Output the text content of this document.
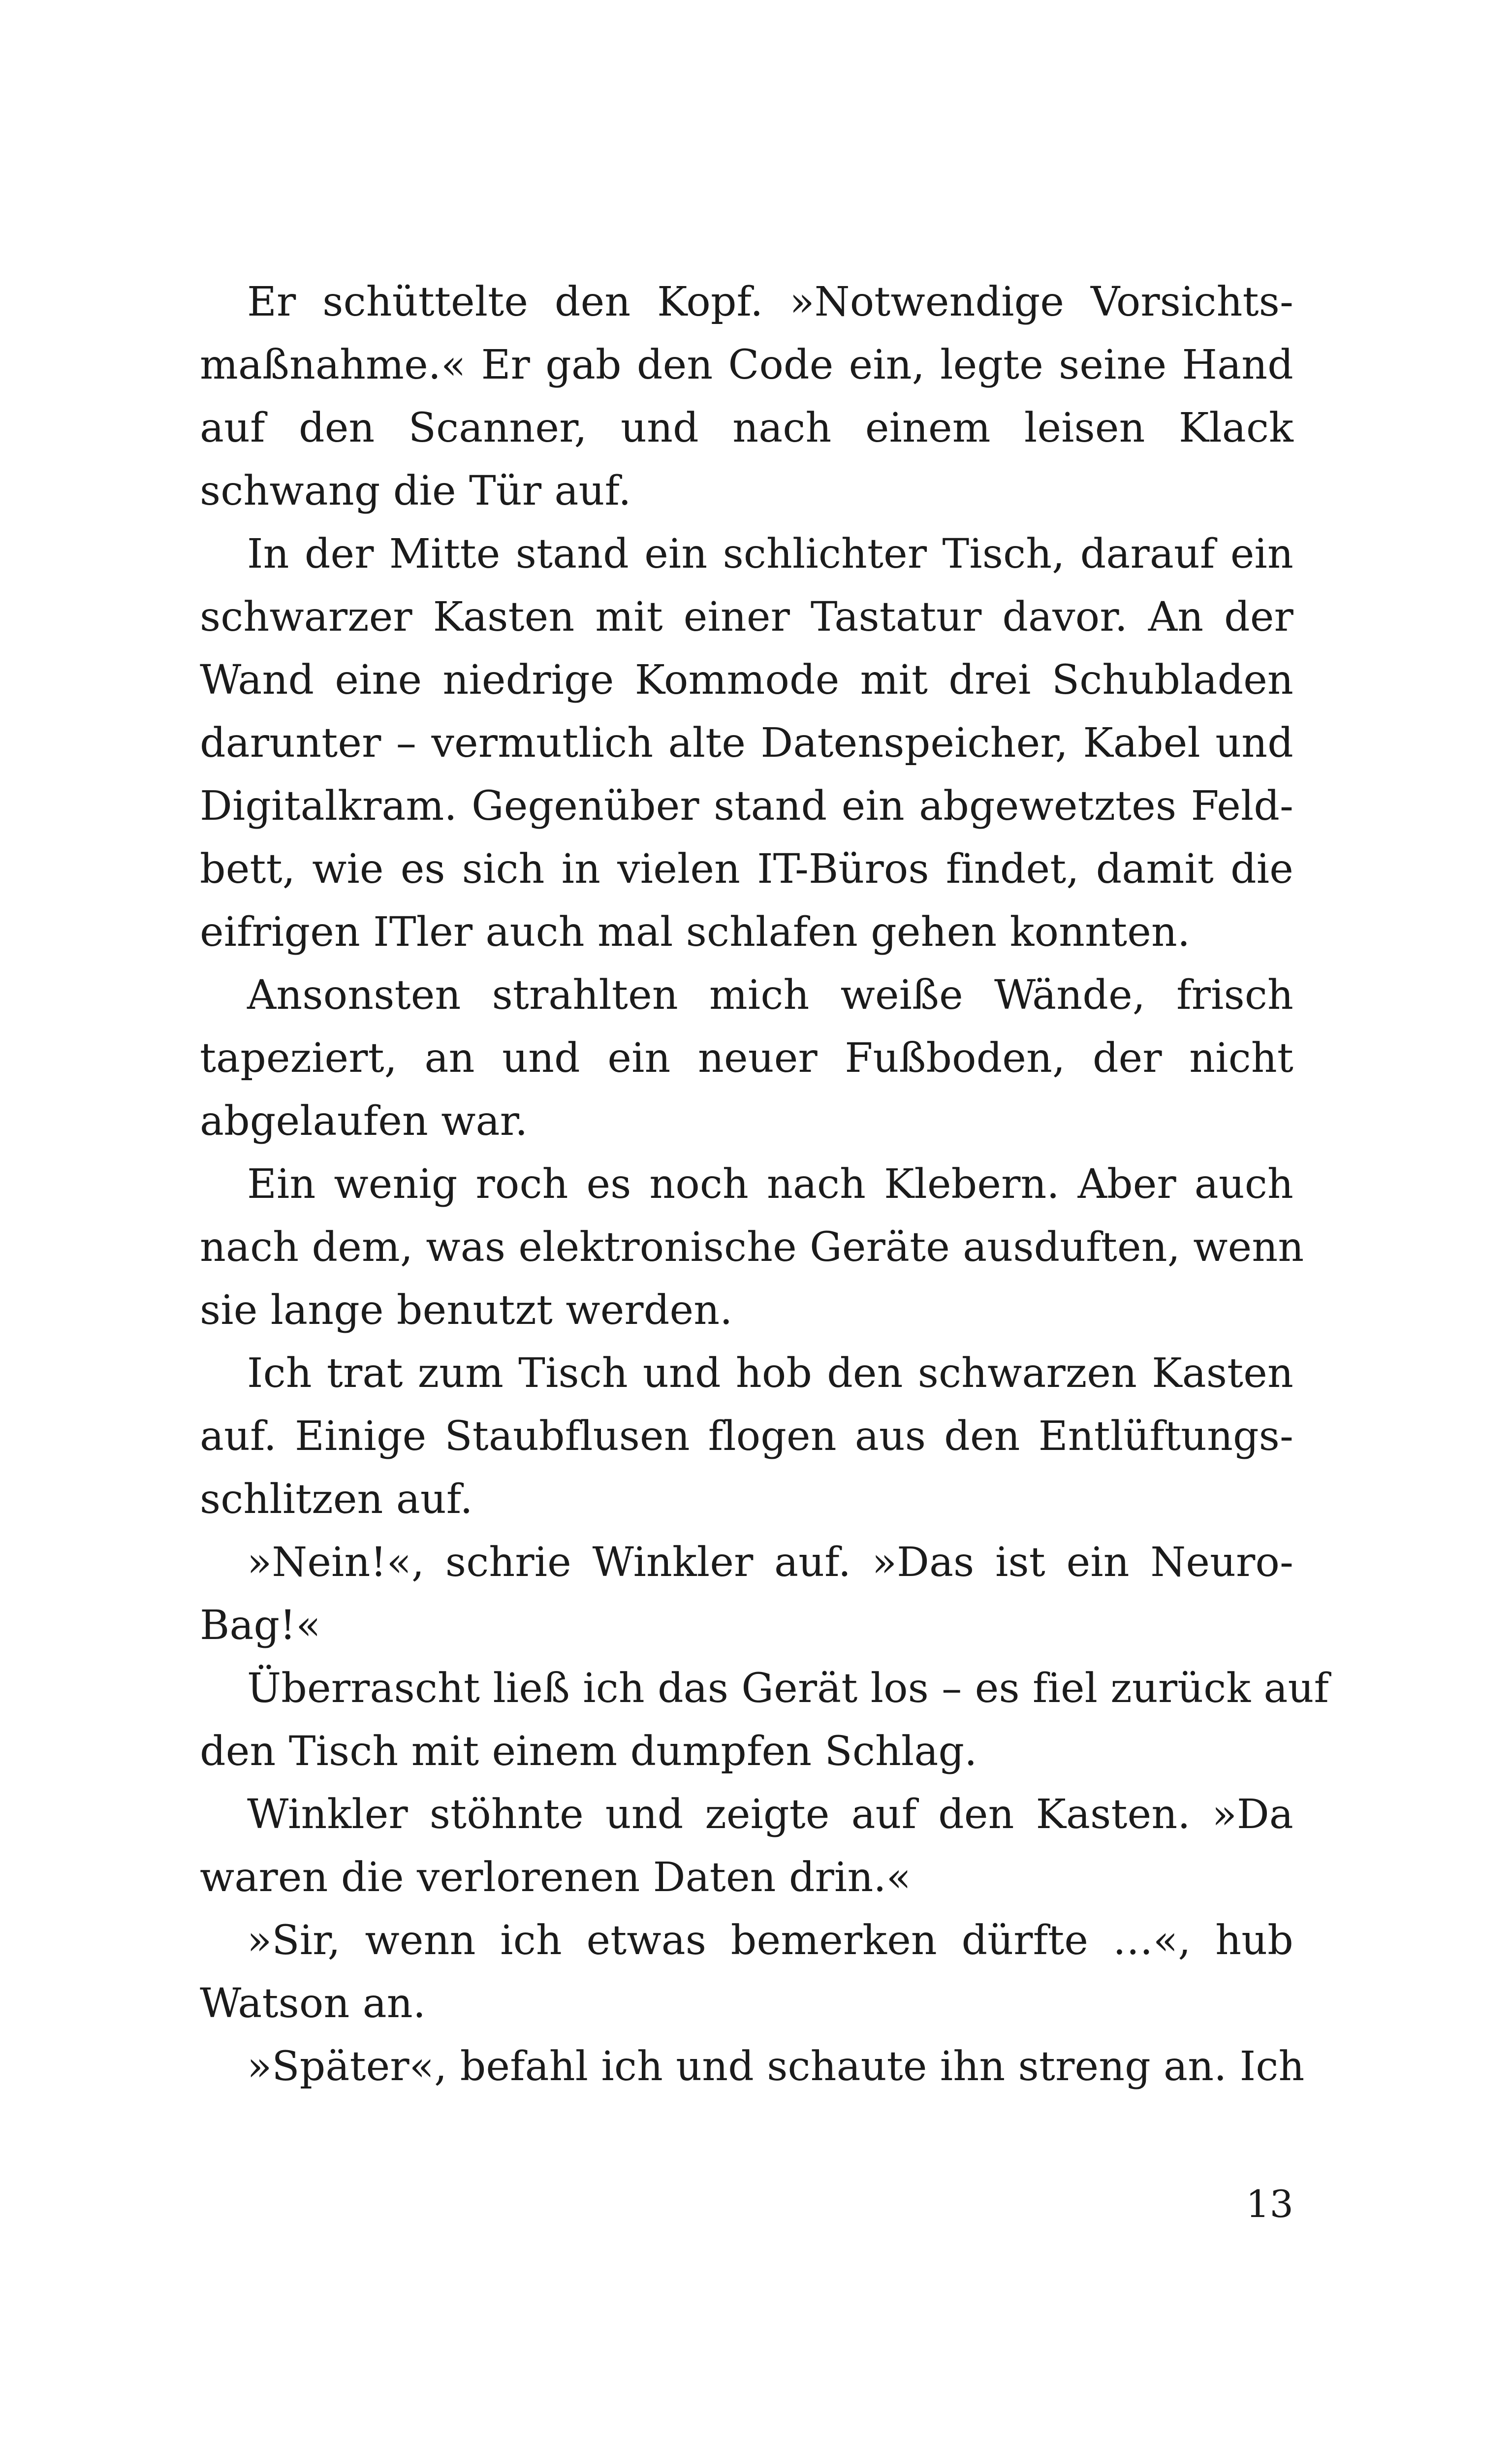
Er schüttelte den Kopf. »Notwendige Vorsichts-
maßnahme.« Er gab den Code ein, legte seine Hand
auf den Scanner, und nach einem leisen Klack
schwang die Tür auf.
In der Mitte stand ein schlichter Tisch, darauf ein
schwarzer Kasten mit einer Tastatur davor. An der
Wand eine niedrige Kommode mit drei Schubladen
darunter – vermutlich alte Datenspeicher, Kabel und
Digitalkram. Gegenüber stand ein abgewetztes Feld-
bett, wie es sich in vielen IT-Büros findet, damit die
eifrigen ITler auch mal schlafen gehen konnten.
Ansonsten strahlten mich weiße Wände, frisch
tapeziert, an und ein neuer Fußboden, der nicht
abgelaufen war.
Ein wenig roch es noch nach Klebern. Aber auch
nach dem, was elektronische Geräte ausduften, wenn
sie lange benutzt werden.
Ich trat zum Tisch und hob den schwarzen Kasten
auf. Einige Staubflusen flogen aus den Entlüftungs-
schlitzen auf.
»Nein!«, schrie Winkler auf. »Das ist ein Neuro-
Bag!«
Überrascht ließ ich das Gerät los – es fiel zurück auf
den Tisch mit einem dumpfen Schlag.
Winkler stöhnte und zeigte auf den Kasten. »Da
waren die verlorenen Daten drin.«
»Sir, wenn ich etwas bemerken dürfte …«, hub
Watson an.
»Später«, befahl ich und schaute ihn streng an. Ich
13
